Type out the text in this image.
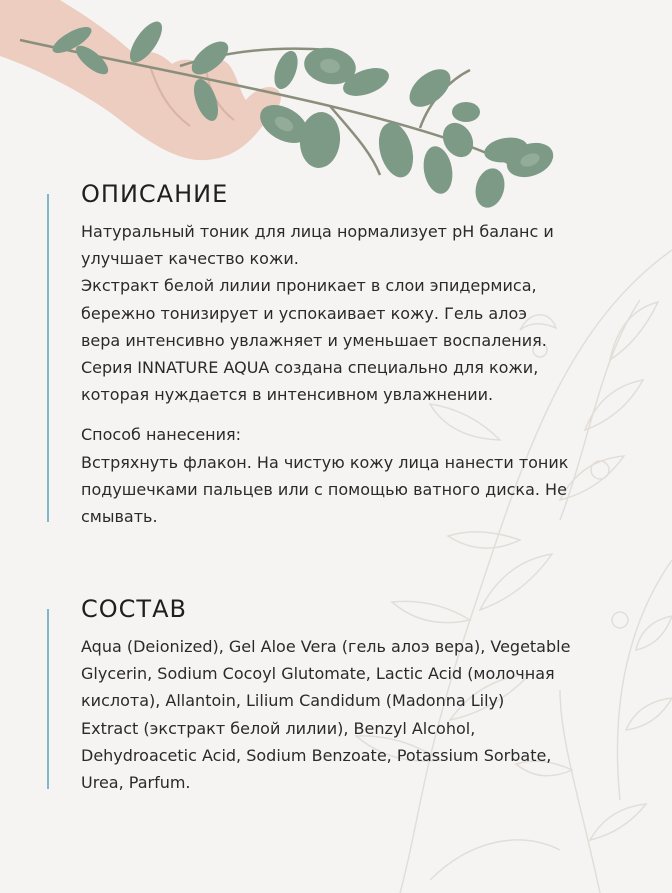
ОПИСАНИЕ
Натуральный тоник для лица нормализует pH баланс и
улучшает качество кожи.
Экстракт белой лилии проникает в слои эпидермиса,
бережно тонизирует и успокаивает кожу. Гель алоэ
вера интенсивно увлажняет и уменьшает воспаления.
Серия INNATURE AQUA создана специально для кожи,
которая нуждается в интенсивном увлажнении.
Способ нанесения:
Встряхнуть флакон. На чистую кожу лица нанести тоник
подушечками пальцев или с помощью ватного диска. Не
смывать.
СОСТАВ
Aqua (Deionized), Gel Aloe Vera (гель алоэ вера), Vegetable
Glycerin, Sodium Cocoyl Glutomate, Lactic Acid (молочная
кислота), Allantoin, Lilium Candidum (Madonna Lily)
Extract (экстракт белой лилии), Benzyl Alcohol,
Dehydroacetic Acid, Sodium Benzoate, Potassium Sorbate,
Urea, Parfum.
